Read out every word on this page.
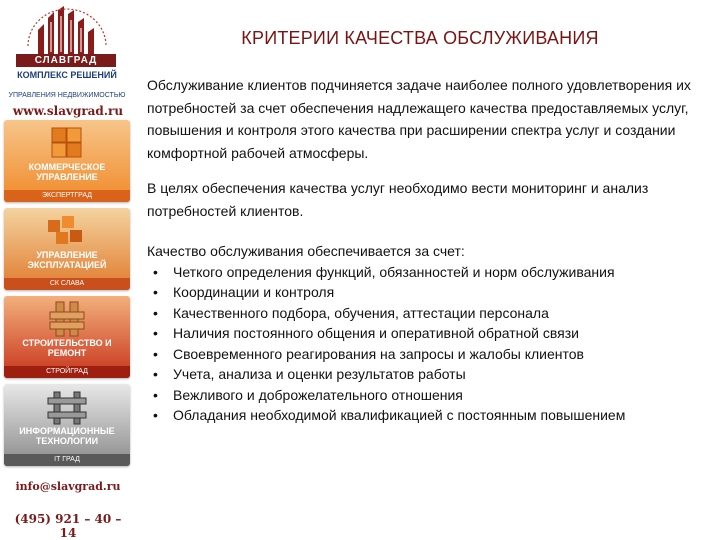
СЛАВГРАД
КОМПЛЕКС РЕШЕНИЙ
УПРАВЛЕНИЯ НЕДВИЖИМОСТЬЮ
www.slavgrad.ru
КОММЕРЧЕСКОЕ УПРАВЛЕНИЕ
ЭКСПЕРТГРАД
УПРАВЛЕНИЕ ЭКСПЛУАТАЦИЕЙ
СК СЛАВА
СТРОИТЕЛЬСТВО И РЕМОНТ
СТРОЙГРАД
ИНФОРМАЦИОННЫЕ ТЕХНОЛОГИИ
IT ГРАД
info@slavgrad.ru
(495) 921 – 40 – 14
КРИТЕРИИ КАЧЕСТВА ОБСЛУЖИВАНИЯ

Обслуживание клиентов подчиняется задаче наиболее полного удовлетворения их потребностей за счет обеспечения надлежащего качества предоставляемых услуг, повышения и контроля этого качества при расширении спектра услуг и создании комфортной рабочей атмосферы.

В целях обеспечения качества услуг необходимо вести мониторинг и анализ потребностей клиентов.

Качество обслуживания обеспечивается за счет:

• Четкого определения функций, обязанностей и норм обслуживания
• Координации и контроля
• Качественного подбора, обучения, аттестации персонала
• Наличия постоянного общения и оперативной обратной связи
• Своевременного реагирования на запросы и жалобы клиентов
• Учета, анализа и оценки результатов работы
• Вежливого и доброжелательного отношения
• Обладания необходимой квалификацией с постоянным повышением
